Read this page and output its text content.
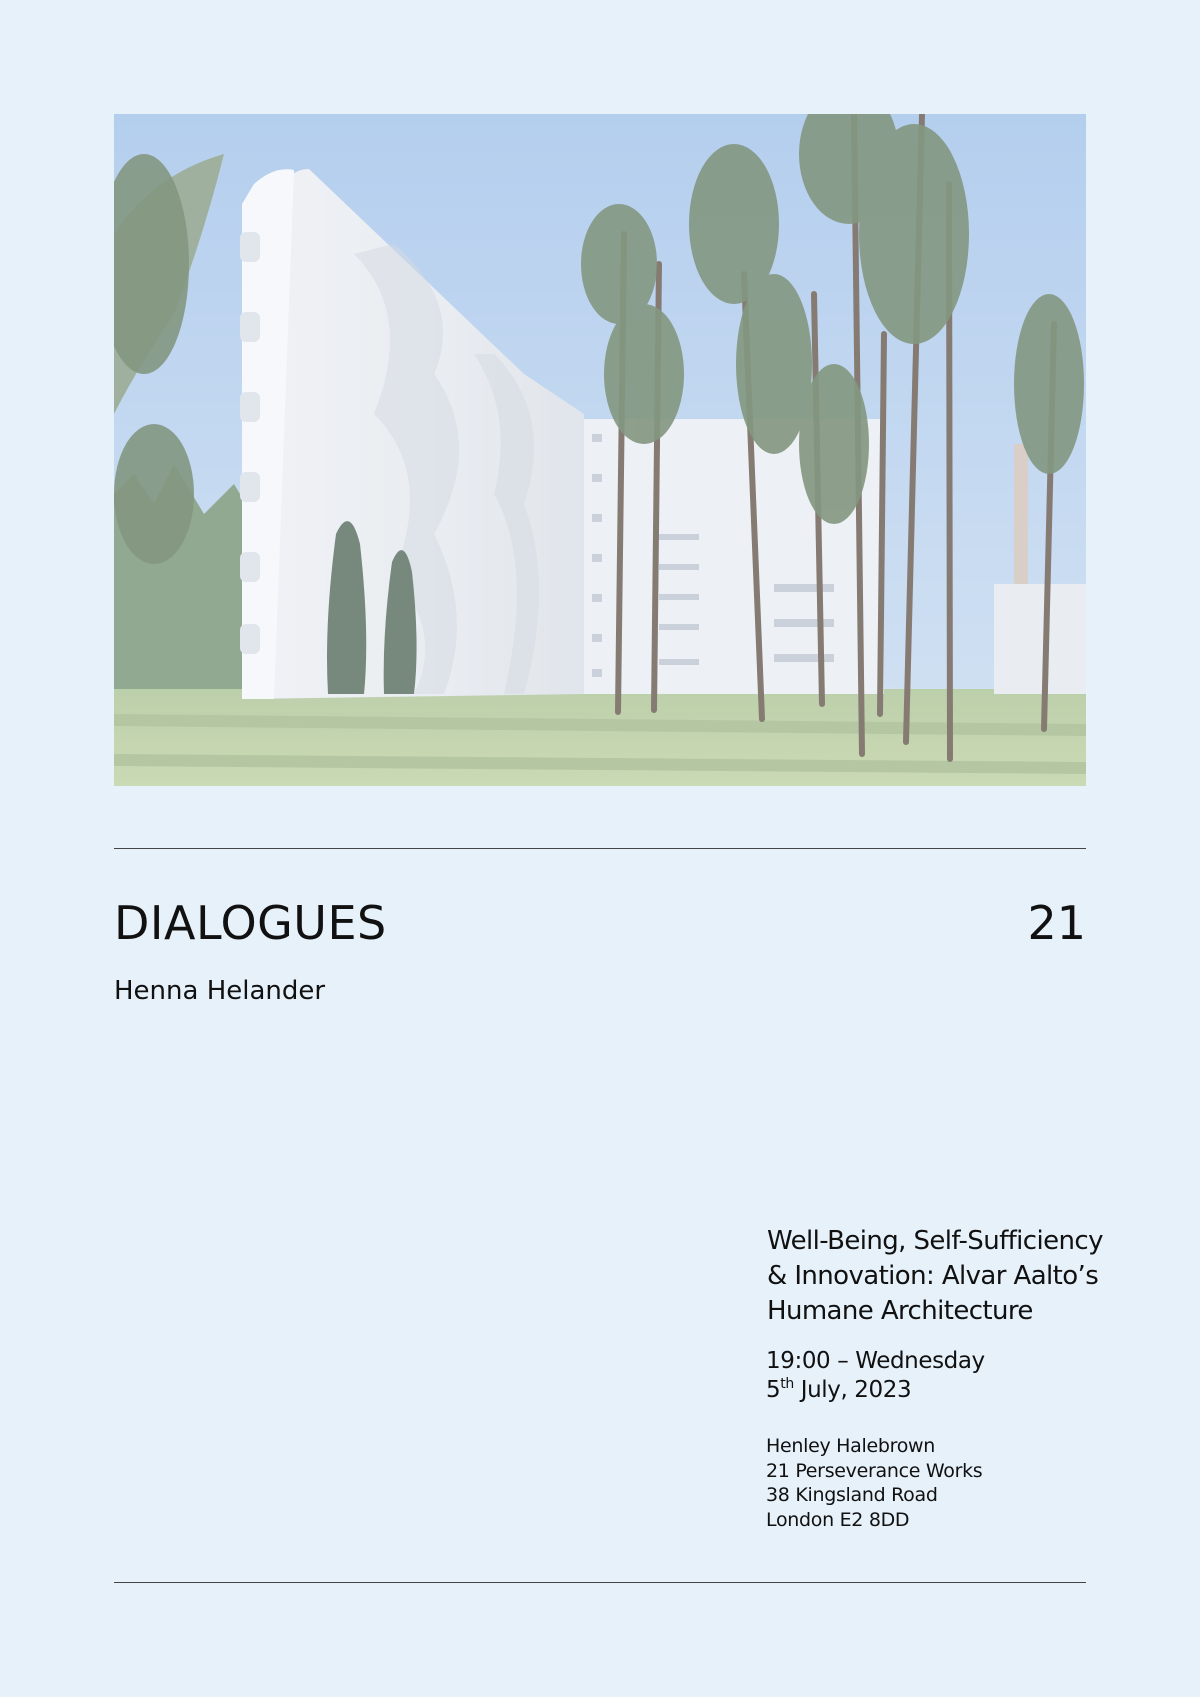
DIALOGUES	21
Henna Helander
Well-Being, Self-Sufficiency
& Innovation: Alvar Aalto’s
Humane Architecture
19:00 – Wednesday
5th July, 2023
Henley Halebrown
21 Perseverance Works
38 Kingsland Road
London E2 8DD
